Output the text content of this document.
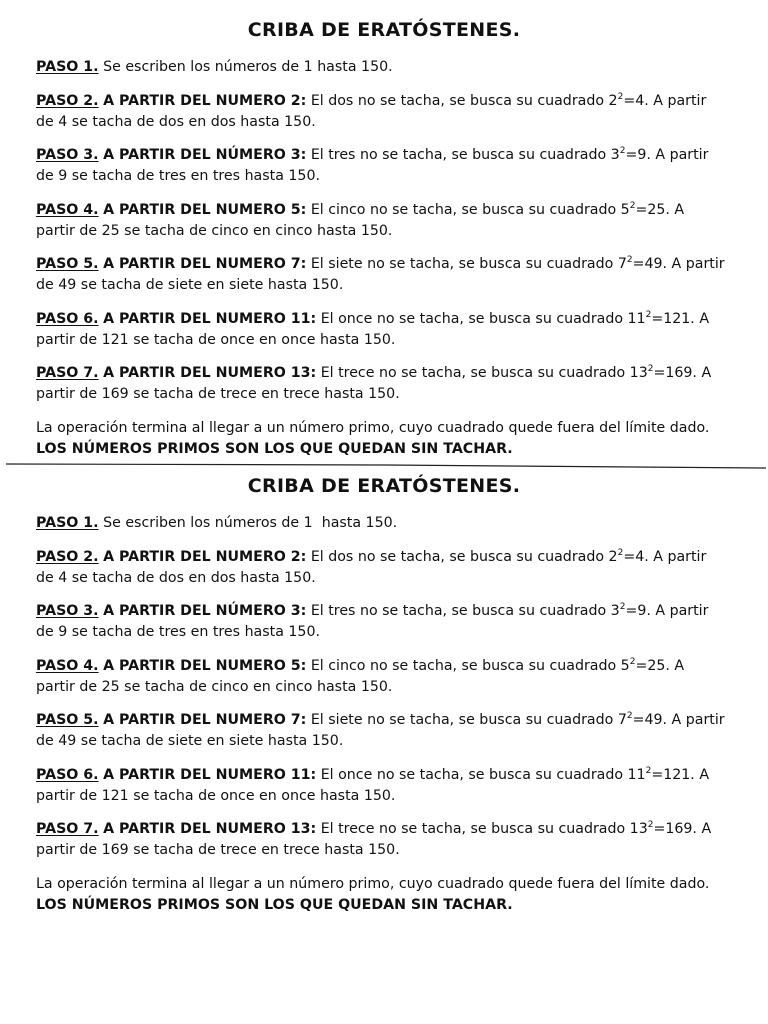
CRIBA DE ERATÓSTENES.

PASO 1. Se escriben los números de 1 hasta 150.

PASO 2. A PARTIR DEL NUMERO 2: El dos no se tacha, se busca su cuadrado $2^2=4$. A partir de 4 se tacha de dos en dos hasta 150.

PASO 3. A PARTIR DEL NÚMERO 3: El tres no se tacha, se busca su cuadrado $3^2=9$. A partir de 9 se tacha de tres en tres hasta 150.

PASO 4. A PARTIR DEL NUMERO 5: El cinco no se tacha, se busca su cuadrado $5^2=25$. A partir de 25 se tacha de cinco en cinco hasta 150.

PASO 5. A PARTIR DEL NUMERO 7: El siete no se tacha, se busca su cuadrado $7^2=49$. A partir de 49 se tacha de siete en siete hasta 150.

PASO 6. A PARTIR DEL NUMERO 11: El once no se tacha, se busca su cuadrado $11^2=121$. A partir de 121 se tacha de once en once hasta 150.

PASO 7. A PARTIR DEL NUMERO 13: El trece no se tacha, se busca su cuadrado $13^2=169$. A partir de 169 se tacha de trece en trece hasta 150.

La operación termina al llegar a un número primo, cuyo cuadrado quede fuera del límite dado. LOS NÚMEROS PRIMOS SON LOS QUE QUEDAN SIN TACHAR.

CRIBA DE ERATÓSTENES.

PASO 1. Se escriben los números de 1  hasta 150.

PASO 2. A PARTIR DEL NUMERO 2: El dos no se tacha, se busca su cuadrado $2^2=4$. A partir de 4 se tacha de dos en dos hasta 150.

PASO 3. A PARTIR DEL NÚMERO 3: El tres no se tacha, se busca su cuadrado $3^2=9$. A partir de 9 se tacha de tres en tres hasta 150.

PASO 4. A PARTIR DEL NUMERO 5: El cinco no se tacha, se busca su cuadrado $5^2=25$. A partir de 25 se tacha de cinco en cinco hasta 150.

PASO 5. A PARTIR DEL NUMERO 7: El siete no se tacha, se busca su cuadrado $7^2=49$. A partir de 49 se tacha de siete en siete hasta 150.

PASO 6. A PARTIR DEL NUMERO 11: El once no se tacha, se busca su cuadrado $11^2=121$. A partir de 121 se tacha de once en once hasta 150.

PASO 7. A PARTIR DEL NUMERO 13: El trece no se tacha, se busca su cuadrado $13^2=169$. A partir de 169 se tacha de trece en trece hasta 150.

La operación termina al llegar a un número primo, cuyo cuadrado quede fuera del límite dado. LOS NÚMEROS PRIMOS SON LOS QUE QUEDAN SIN TACHAR.
